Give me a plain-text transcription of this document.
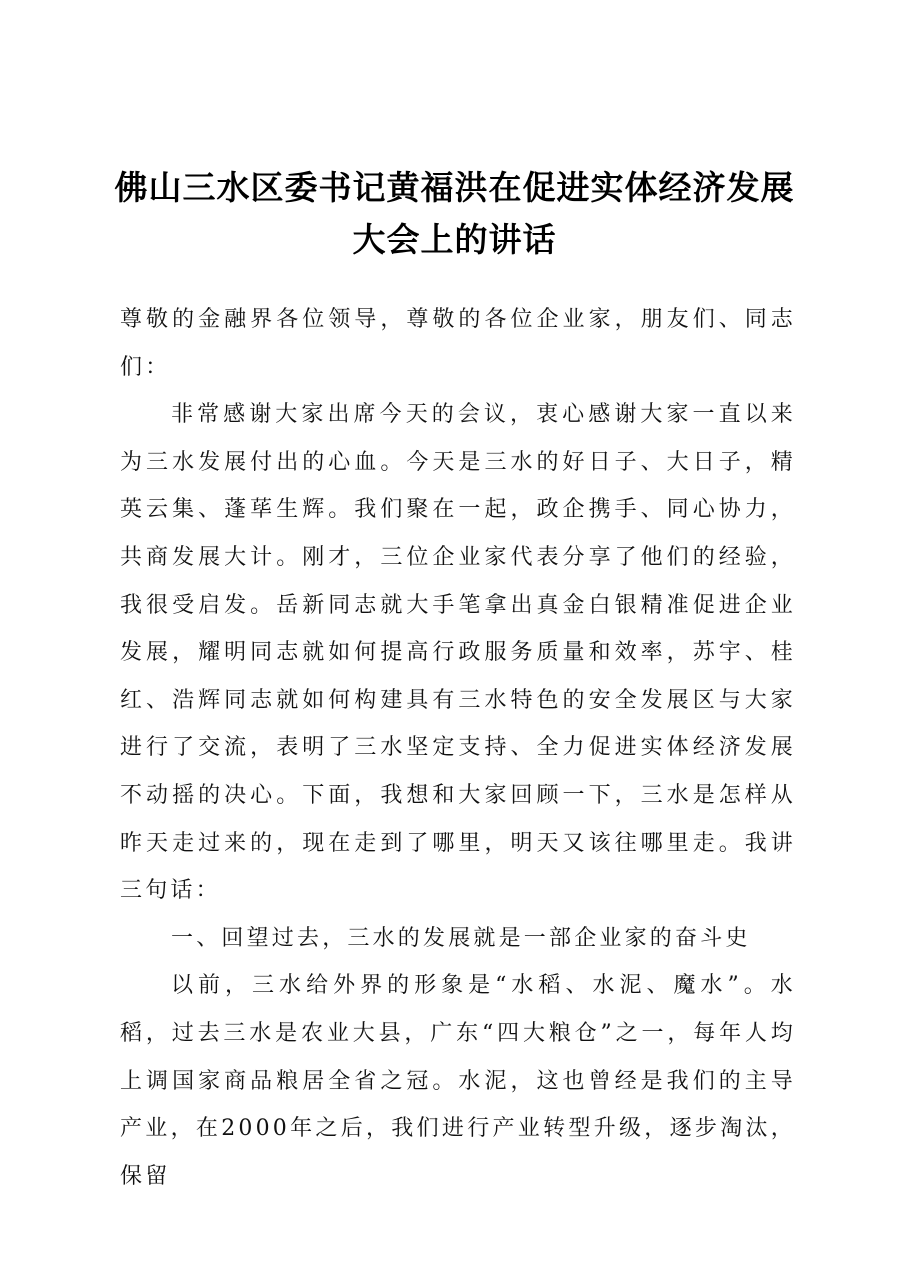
佛山三水区委书记黄福洪在促进实体经济发展
大会上的讲话

尊敬的金融界各位领导，尊敬的各位企业家，朋友们、同志们：

非常感谢大家出席今天的会议，衷心感谢大家一直以来为三水发展付出的心血。今天是三水的好日子、大日子，精英云集、蓬荜生辉。我们聚在一起，政企携手、同心协力，共商发展大计。刚才，三位企业家代表分享了他们的经验，我很受启发。岳新同志就大手笔拿出真金白银精准促进企业发展，耀明同志就如何提高行政服务质量和效率，苏宇、桂红、浩辉同志就如何构建具有三水特色的安全发展区与大家进行了交流，表明了三水坚定支持、全力促进实体经济发展不动摇的决心。下面，我想和大家回顾一下，三水是怎样从昨天走过来的，现在走到了哪里，明天又该往哪里走。我讲三句话：

一、回望过去，三水的发展就是一部企业家的奋斗史

以前，三水给外界的形象是“水稻、水泥、魔水”。水稻，过去三水是农业大县，广东“四大粮仓”之一，每年人均上调国家商品粮居全省之冠。水泥，这也曾经是我们的主导产业，在2000年之后，我们进行产业转型升级，逐步淘汰，保留
